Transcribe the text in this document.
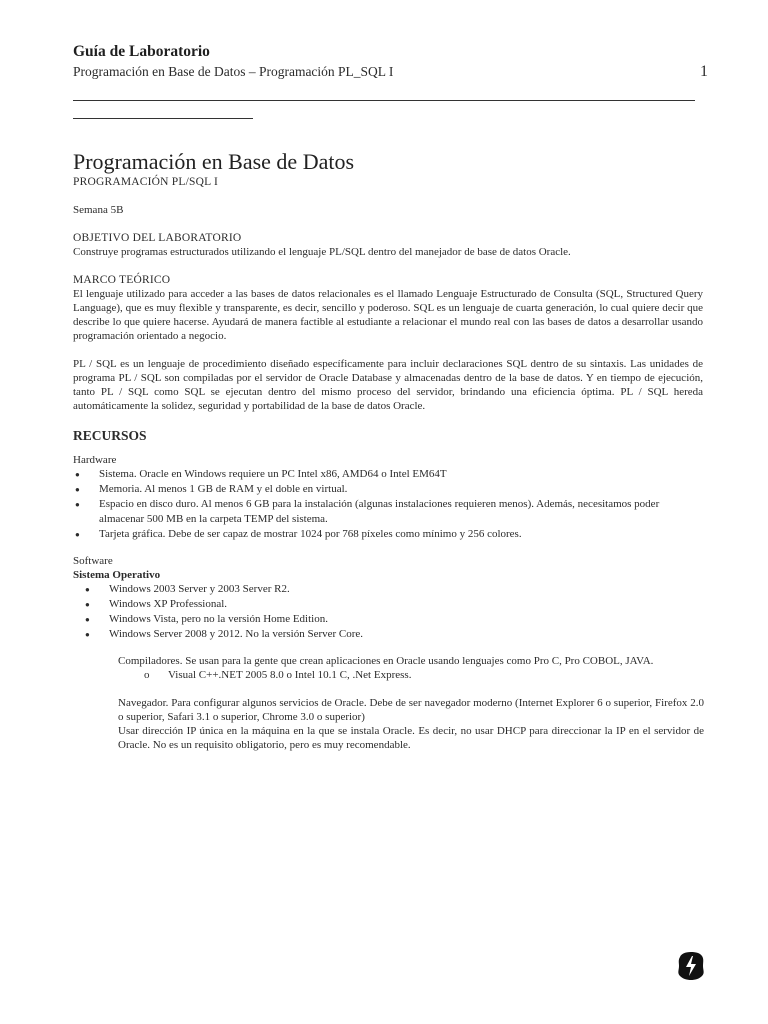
Guía de Laboratorio
Programación en Base de Datos – Programación PL_SQL I	1
Programación en Base de Datos
PROGRAMACIÓN PL/SQL I
Semana 5B
OBJETIVO DEL LABORATORIO
Construye programas estructurados utilizando el lenguaje PL/SQL dentro del manejador de base de datos Oracle.
MARCO TEÓRICO
El lenguaje utilizado para acceder a las bases de datos relacionales es el llamado Lenguaje Estructurado de Consulta (SQL, Structured Query Language), que es muy flexible y transparente, es decir, sencillo y poderoso. SQL es un lenguaje de cuarta generación, lo cual quiere decir que describe lo que quiere hacerse. Ayudará de manera factible al estudiante a relacionar el mundo real con las bases de datos a desarrollar usando programación orientado a negocio.
PL / SQL es un lenguaje de procedimiento diseñado específicamente para incluir declaraciones SQL dentro de su sintaxis. Las unidades de programa PL / SQL son compiladas por el servidor de Oracle Database y almacenadas dentro de la base de datos. Y en tiempo de ejecución, tanto PL / SQL como SQL se ejecutan dentro del mismo proceso del servidor, brindando una eficiencia óptima. PL / SQL hereda automáticamente la solidez, seguridad y portabilidad de la base de datos Oracle.
RECURSOS
Hardware
● Sistema. Oracle en Windows requiere un PC Intel x86, AMD64 o Intel EM64T
● Memoria. Al menos 1 GB de RAM y el doble en virtual.
● Espacio en disco duro. Al menos 6 GB para la instalación (algunas instalaciones requieren menos). Además, necesitamos poder almacenar 500 MB en la carpeta TEMP del sistema.
● Tarjeta gráfica. Debe de ser capaz de mostrar 1024 por 768 píxeles como mínimo y 256 colores.
Software
Sistema Operativo
● Windows 2003 Server y 2003 Server R2.
● Windows XP Professional.
● Windows Vista, pero no la versión Home Edition.
● Windows Server 2008 y 2012. No la versión Server Core.
Compiladores. Se usan para la gente que crean aplicaciones en Oracle usando lenguajes como Pro C, Pro COBOL, JAVA.
o Visual C++.NET 2005 8.0 o Intel 10.1 C, .Net Express.
Navegador. Para configurar algunos servicios de Oracle. Debe de ser navegador moderno (Internet Explorer 6 o superior, Firefox 2.0 o superior, Safari 3.1 o superior, Chrome 3.0 o superior)
Usar dirección IP única en la máquina en la que se instala Oracle. Es decir, no usar DHCP para direccionar la IP en el servidor de Oracle. No es un requisito obligatorio, pero es muy recomendable.
